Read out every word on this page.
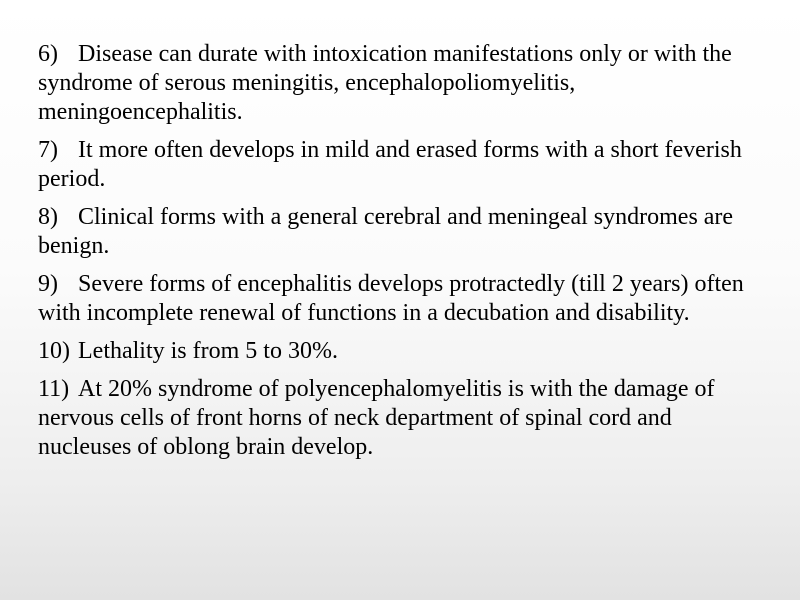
6) Disease can durate with intoxication manifestations only or with the syndrome of serous meningitis, encephalopoliomyelitis, meningoencephalitis.
7) It more often develops in mild and erased forms with a short feverish period.
8) Clinical forms with a general cerebral and meningeal syndromes are benign.
9) Severe forms of encephalitis develops protractedly (till 2 years) often with incomplete renewal of functions in a decubation and disability.
10) Lethality is from 5 to 30%.
11) At 20% syndrome of polyencephalomyelitis is with the damage of nervous cells of front horns of neck department of spinal cord and nucleuses of oblong brain develop.
